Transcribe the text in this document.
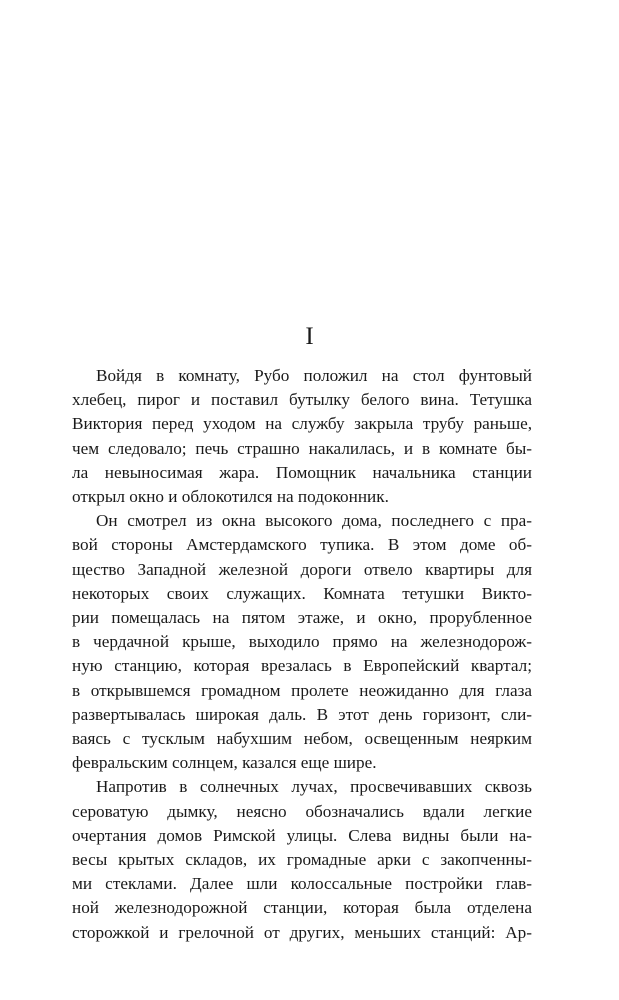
I

Войдя в комнату, Рубо положил на стол фунтовый
хлебец, пирог и поставил бутылку белого вина. Тетушка
Виктория перед уходом на службу закрыла трубу раньше,
чем следовало; печь страшно накалилась, и в комнате бы-
ла невыносимая жара. Помощник начальника станции
открыл окно и облокотился на подоконник.

Он смотрел из окна высокого дома, последнего с пра-
вой стороны Амстердамского тупика. В этом доме об-
щество Западной железной дороги отвело квартиры для
некоторых своих служащих. Комната тетушки Викто-
рии помещалась на пятом этаже, и окно, прорубленное
в чердачной крыше, выходило прямо на железнодорож-
ную станцию, которая врезалась в Европейский квартал;
в открывшемся громадном пролете неожиданно для глаза
развертывалась широкая даль. В этот день горизонт, сли-
ваясь с тусклым набухшим небом, освещенным неярким
февральским солнцем, казался еще шире.

Напротив в солнечных лучах, просвечивавших сквозь
сероватую дымку, неясно обозначались вдали легкие
очертания домов Римской улицы. Слева видны были на-
весы крытых складов, их громадные арки с закопченны-
ми стеклами. Далее шли колоссальные постройки глав-
ной железнодорожной станции, которая была отделена
сторожкой и грелочной от других, меньших станций: Ар-
